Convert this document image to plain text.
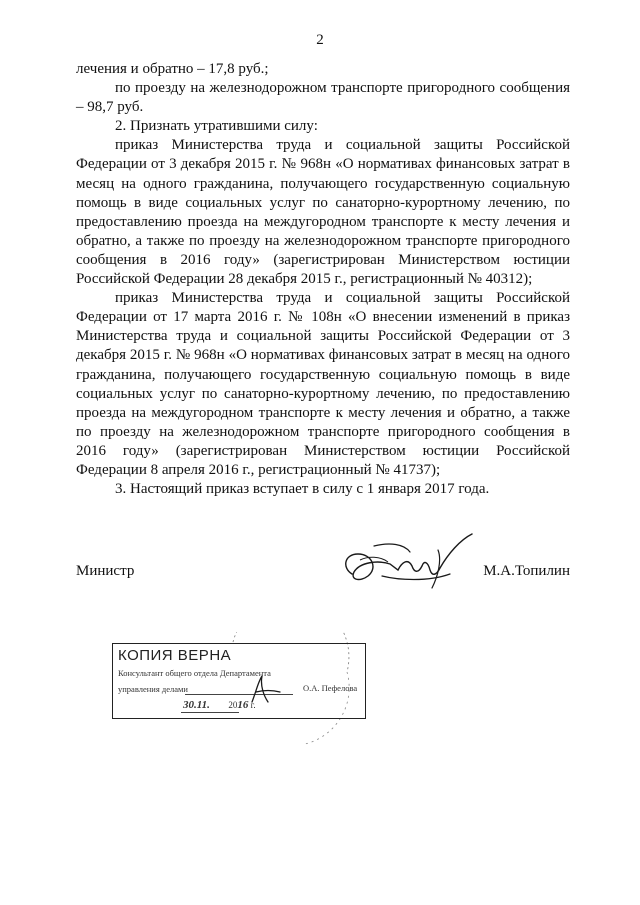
2

лечения и обратно – 17,8 руб.;

по проезду на железнодорожном транспорте пригородного сообщения – 98,7 руб.

2. Признать утратившими силу:

приказ Министерства труда и социальной защиты Российской Федерации от 3 декабря 2015 г. № 968н «О нормативах финансовых затрат в месяц на одного гражданина, получающего государственную социальную помощь в виде социальных услуг по санаторно-курортному лечению, по предоставлению проезда на междугородном транспорте к месту лечения и обратно, а также по проезду на железнодорожном транспорте пригородного сообщения в 2016 году» (зарегистрирован Министерством юстиции Российской Федерации 28 декабря 2015 г., регистрационный № 40312);

приказ Министерства труда и социальной защиты Российской Федерации от 17 марта 2016 г. № 108н «О внесении изменений в приказ Министерства труда и социальной защиты Российской Федерации от 3 декабря 2015 г. № 968н «О нормативах финансовых затрат в месяц на одного гражданина, получающего государственную социальную помощь в виде социальных услуг по санаторно-курортному лечению, по предоставлению проезда на междугородном транспорте к месту лечения и обратно, а также по проезду на железнодорожном транспорте пригородного сообщения в 2016 году» (зарегистрирован Министерством юстиции Российской Федерации 8 апреля 2016 г., регистрационный № 41737);

3. Настоящий приказ вступает в силу с 1 января 2017 года.

Министр	М.А.Топилин
КОПИЯ ВЕРНА
Консультант общего отдела Департамента
управления делами	О.А. Пефелова
30.11. 2016 г.
